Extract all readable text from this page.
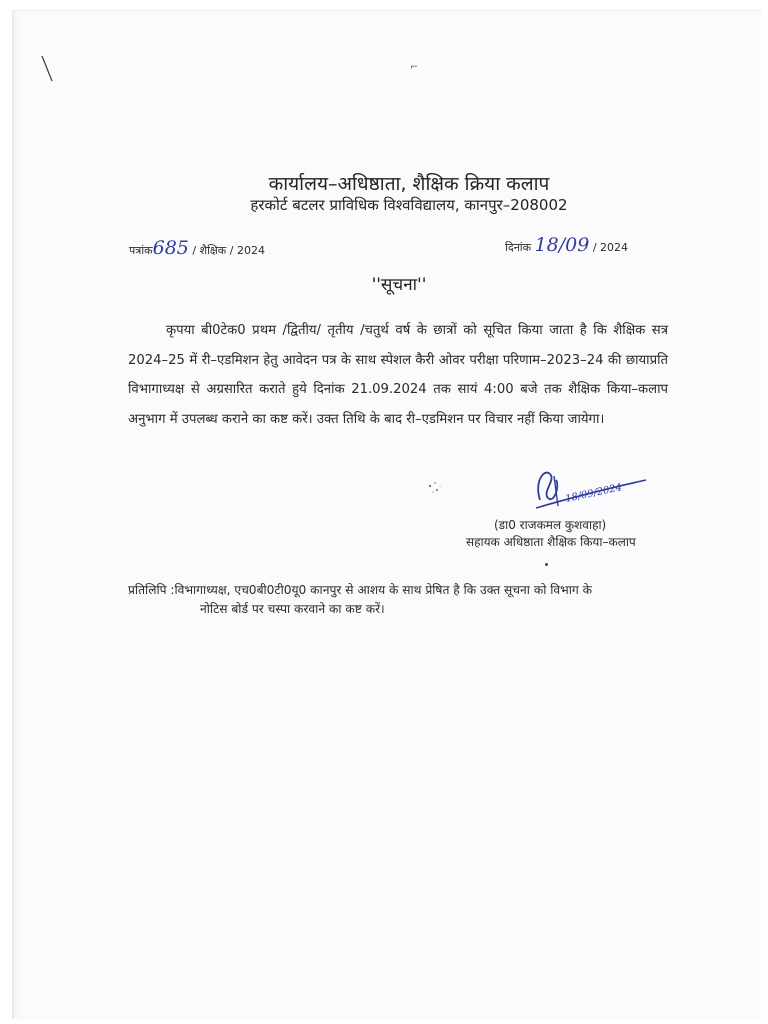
⌐
कार्यालय–अधिष्ठाता, शैक्षिक क्रिया कलाप
हरकोर्ट बटलर प्राविधिक विश्वविद्यालय, कानपुर–208002
पत्रांक685 / शैक्षिक / 2024	दिनांक 18/09 / 2024
''सूचना''
कृपया बी0टेक0 प्रथम /द्वितीय/ तृतीय /चतुर्थ वर्ष के छात्रों को सूचित किया जाता है कि शैक्षिक सत्र 2024–25 में री–एडमिशन हेतु आवेदन पत्र के साथ स्पेशल कैरी ओवर परीक्षा परिणाम–2023–24 की छायाप्रति विभागाध्यक्ष से अग्रसारित कराते हुये दिनांक 21.09.2024 तक सायं 4:00 बजे तक शैक्षिक किया–कलाप अनुभाग में उपलब्ध कराने का कष्ट करें। उक्त तिथि के बाद री–एडमिशन पर विचार नहीं किया जायेगा।
18/09/2024
(डा0 राजकमल कुशवाहा)
सहायक अधिष्ठाता शैक्षिक किया–कलाप
प्रतिलिपि :विभागाध्यक्ष, एच0बी0टी0यू0 कानपुर से आशय के साथ प्रेषित है कि उक्त सूचना को विभाग के
नोटिस बोर्ड पर चस्पा करवाने का कष्ट करें।
